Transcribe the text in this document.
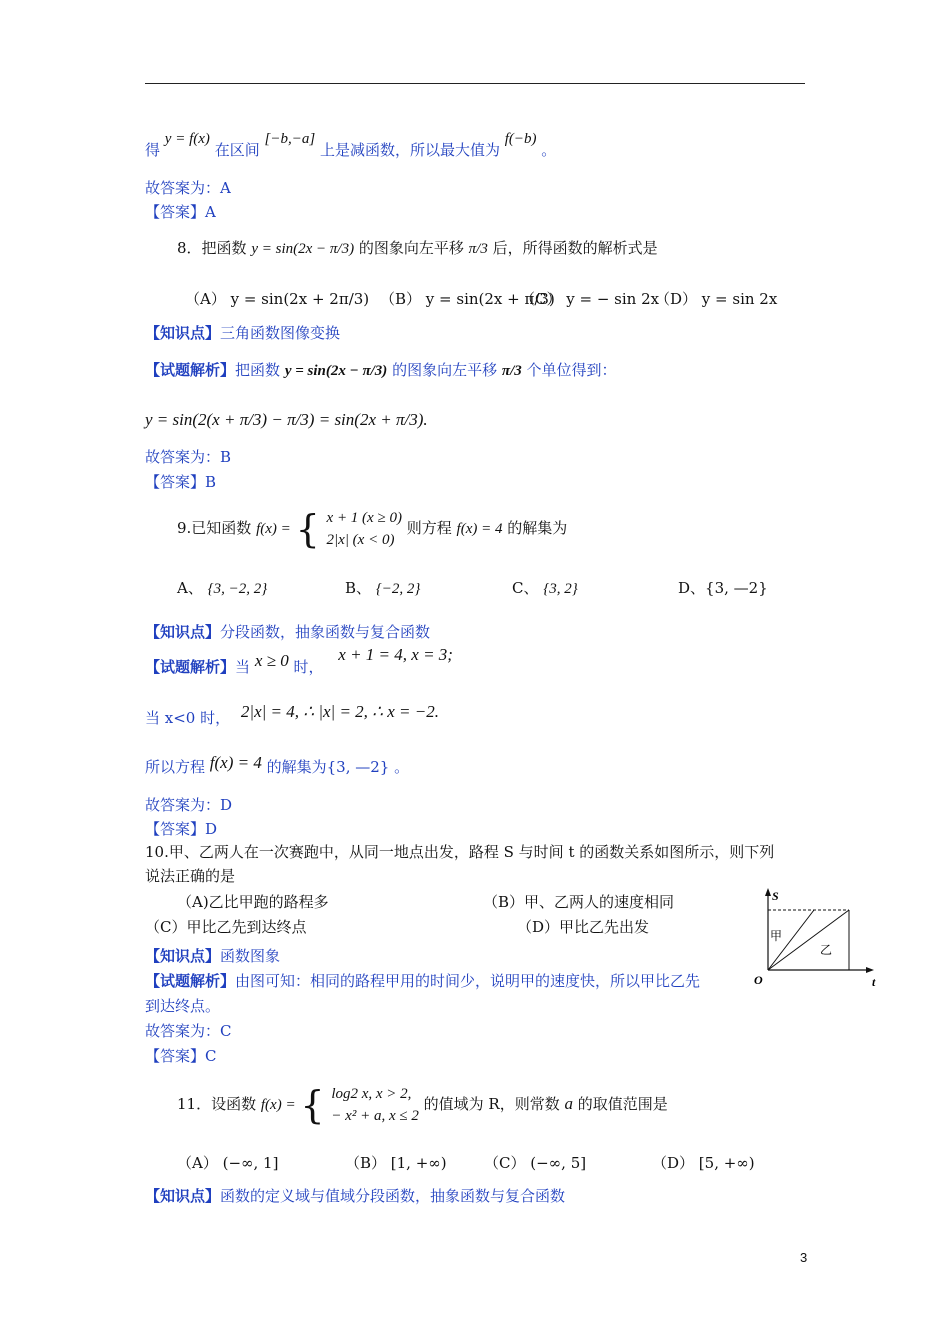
得 y = f(x) 在区间 [−b,−a] 上是减函数，所以最大值为 f(−b) 。
故答案为：A
【答案】A
8．把函数 y = sin(2x − π/3) 的图象向左平移 π/3 后，所得函数的解析式是
（A） y = sin(2x + 2π/3) （B） y = sin(2x + π/3)
（C） y = − sin 2x
（D） y = sin 2x
【知识点】三角函数图像变换
【试题解析】把函数 y = sin(2x − π/3) 的图象向左平移 π/3 个单位得到：
y = sin(2(x + π/3) − π/3) = sin(2x + π/3).
故答案为：B
【答案】B
9.已知函数 f(x) = { x + 1 (x ≥ 0)
2|x| (x < 0)
则方程 f(x) = 4 的解集为
A、 {3, −2, 2}	B、 {−2, 2}	C、 {3, 2}	D、{3, —2}
【知识点】分段函数，抽象函数与复合函数
【试题解析】当 x ≥ 0 时， x + 1 = 4, x = 3;
当 x<0 时， 2|x| = 4, ∴ |x| = 2, ∴ x = −2.
所以方程 f(x) = 4 的解集为{3, —2} 。
故答案为：D
【答案】D
10.甲、乙两人在一次赛跑中，从同一地点出发，路程 S 与时间 t 的函数关系如图所示，则下列
说法正确的是
（A)乙比甲跑的路程多	（B）甲、乙两人的速度相同
（C）甲比乙先到达终点	（D）甲比乙先出发
【知识点】函数图象
【试题解析】由图可知：相同的路程甲用的时间少，说明甲的速度快，所以甲比乙先
到达终点。
故答案为：C
【答案】C
S
t
O
甲
乙
11．设函数 f(x) = { log2 x, x > 2,
− x² + a, x ≤ 2
的值域为 R，则常数 a 的取值范围是
（A） (−∞, 1]	（B） [1, +∞) （C） (−∞, 5]	（D） [5, +∞)
【知识点】函数的定义域与值域分段函数，抽象函数与复合函数
3
